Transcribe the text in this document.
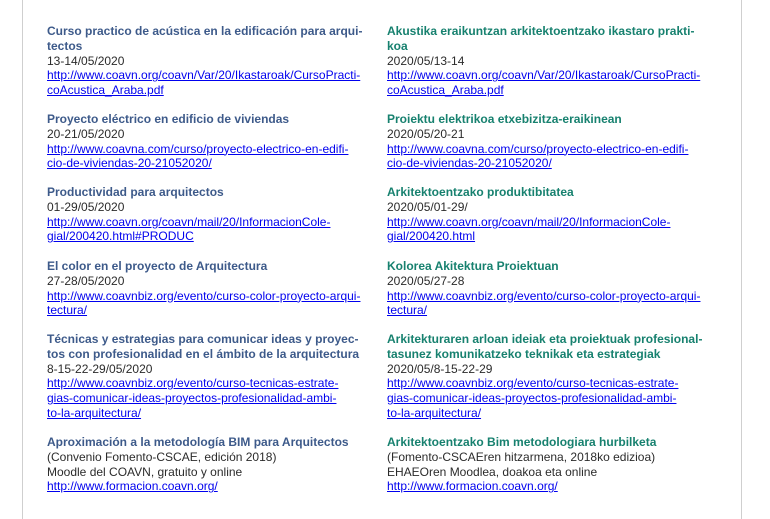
Curso practico de acústica en la edificación para arqui-
tectos
13-14/05/2020
http://www.coavn.org/coavn/Var/20/Ikastaroak/CursoPracti-
coAcustica_Araba.pdf
Proyecto eléctrico en edificio de viviendas
20-21/05/2020
http://www.coavna.com/curso/proyecto-electrico-en-edifi-
cio-de-viviendas-20-21052020/
Productividad para arquitectos
01-29/05/2020
http://www.coavn.org/coavn/mail/20/InformacionCole-
gial/200420.html#PRODUC
El color en el proyecto de Arquitectura
27-28/05/2020
http://www.coavnbiz.org/evento/curso-color-proyecto-arqui-
tectura/
Técnicas y estrategias para comunicar ideas y proyec-
tos con profesionalidad en el ámbito de la arquitectura
8-15-22-29/05/2020
http://www.coavnbiz.org/evento/curso-tecnicas-estrate-
gias-comunicar-ideas-proyectos-profesionalidad-ambi-
to-la-arquitectura/
Aproximación a la metodología BIM para Arquitectos
(Convenio Fomento-CSCAE, edición 2018)
Moodle del COAVN, gratuito y online
http://www.formacion.coavn.org/
Akustika eraikuntzan arkitektoentzako ikastaro prakti-
koa
2020/05/13-14
http://www.coavn.org/coavn/Var/20/Ikastaroak/CursoPracti-
coAcustica_Araba.pdf
Proiektu elektrikoa etxebizitza-eraikinean
2020/05/20-21
http://www.coavna.com/curso/proyecto-electrico-en-edifi-
cio-de-viviendas-20-21052020/
Arkitektoentzako produktibitatea
2020/05/01-29/
http://www.coavn.org/coavn/mail/20/InformacionCole-
gial/200420.html
Kolorea Akitektura Proiektuan
2020/05/27-28
http://www.coavnbiz.org/evento/curso-color-proyecto-arqui-
tectura/
Arkitekturaren arloan ideiak eta proiektuak profesional-
tasunez komunikatzeko teknikak eta estrategiak
2020/05/8-15-22-29
http://www.coavnbiz.org/evento/curso-tecnicas-estrate-
gias-comunicar-ideas-proyectos-profesionalidad-ambi-
to-la-arquitectura/
Arkitektoentzako Bim metodologiara hurbilketa
(Fomento-CSCAEren hitzarmena, 2018ko edizioa)
EHAEOren Moodlea, doakoa eta online
http://www.formacion.coavn.org/
